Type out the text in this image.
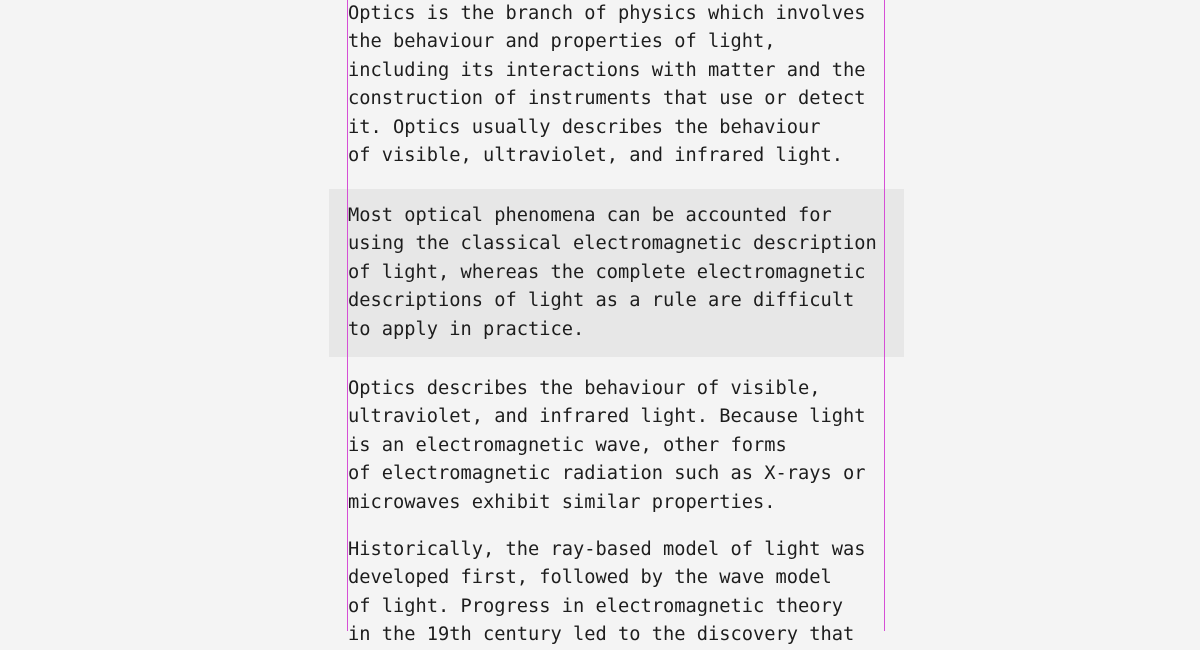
Optics is the branch of physics which involves
the behaviour and properties of light,
including its interactions with matter and the
construction of instruments that use or detect
it. Optics usually describes the behaviour
of visible, ultraviolet, and infrared light.

Most optical phenomena can be accounted for
using the classical electromagnetic description
of light, whereas the complete electromagnetic
descriptions of light as a rule are difficult
to apply in practice.

Optics describes the behaviour of visible,
ultraviolet, and infrared light. Because light
is an electromagnetic wave, other forms
of electromagnetic radiation such as X-rays or
microwaves exhibit similar properties.

Historically, the ray-based model of light was
developed first, followed by the wave model
of light. Progress in electromagnetic theory
in the 19th century led to the discovery that
